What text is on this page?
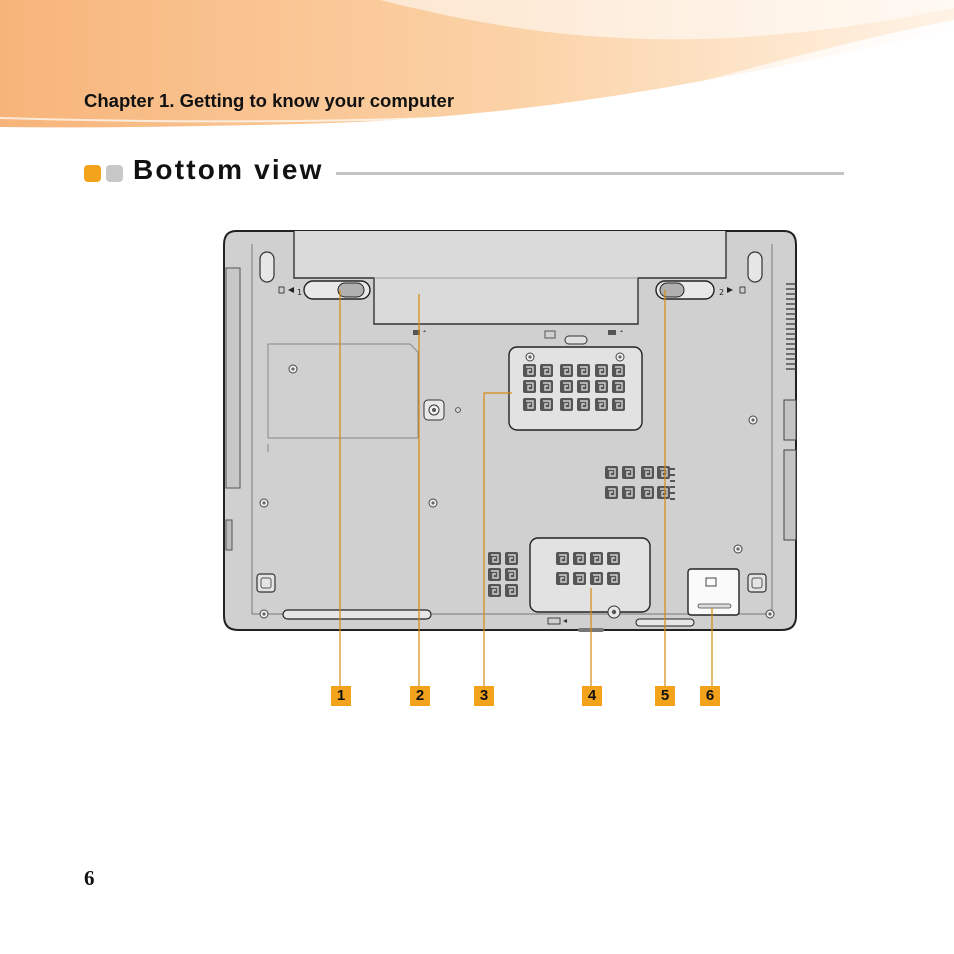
Chapter 1. Getting to know your computer
Bottom view
1	2
1	2	3	4	5	6
6
